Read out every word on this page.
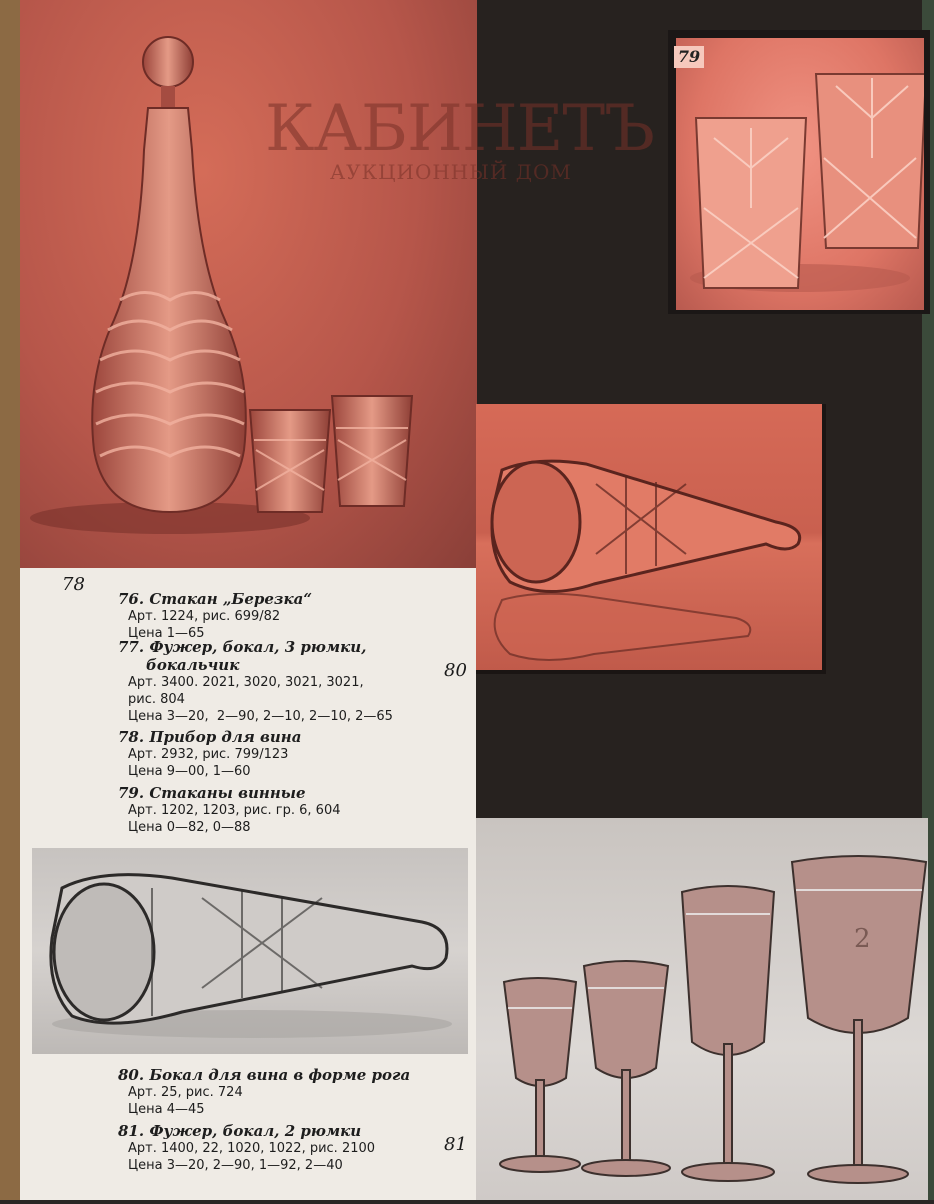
КАБИНЕТЪ
АУКЦИОННЫЙ ДОМ
79
78
76. Стакан „Березка“
Арт. 1224, рис. 699/82
Цена 1—65
77. Фужер, бокал, 3 рюмки,
бокальчик
Арт. 3400. 2021, 3020, 3021, 3021,
рис. 804
Цена 3—20,  2—90, 2—10, 2—10, 2—65
80
78. Прибор для вина
Арт. 2932, рис. 799/123
Цена 9—00, 1—60
79. Стаканы винные
Арт. 1202, 1203, рис. гр. 6, 604
Цена 0—82, 0—88
80. Бокал для вина в форме рога
Арт. 25, рис. 724
Цена 4—45
81. Фужер, бокал, 2 рюмки
Арт. 1400, 22, 1020, 1022, рис. 2100
Цена 3—20, 2—90, 1—92, 2—40
81
2
